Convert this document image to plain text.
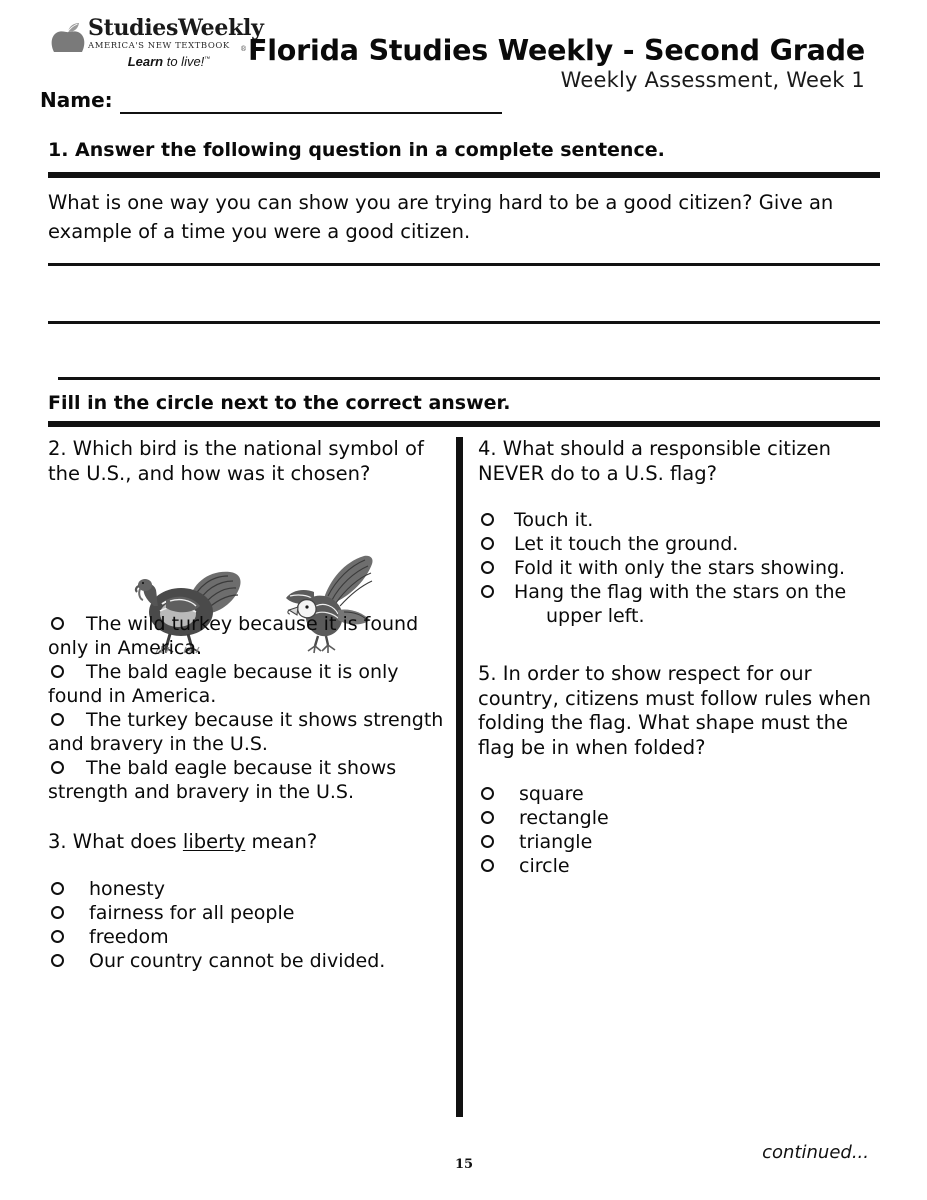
StudiesWeekly
AMERICA'S NEW TEXTBOOK	®
Learn to live!™	Florida Studies Weekly - Second Grade
Weekly Assessment, Week 1
Name:
1. Answer the following question in a complete sentence.
What is one way you can show you are trying hard to be a good citizen? Give an example of a time you were a good citizen.
Fill in the circle next to the correct answer.
2. Which bird is the national symbol of the U.S., and how was it chosen?
The wild turkey because it is found only in America.
The bald eagle because it is only found in America.
The turkey because it shows strength and bravery in the U.S.
The bald eagle because it shows strength and bravery in the U.S.
3. What does liberty mean?
honesty
fairness for all people
freedom
Our country cannot be divided.
4. What should a responsible citizen NEVER do to a U.S. flag?
Touch it.
Let it touch the ground.
Fold it with only the stars showing.
Hang the flag with the stars on the
upper left.
5. In order to show respect for our country, citizens must follow rules when folding the flag. What shape must the flag be in when folded?
square
rectangle
triangle
circle
15
continued...
